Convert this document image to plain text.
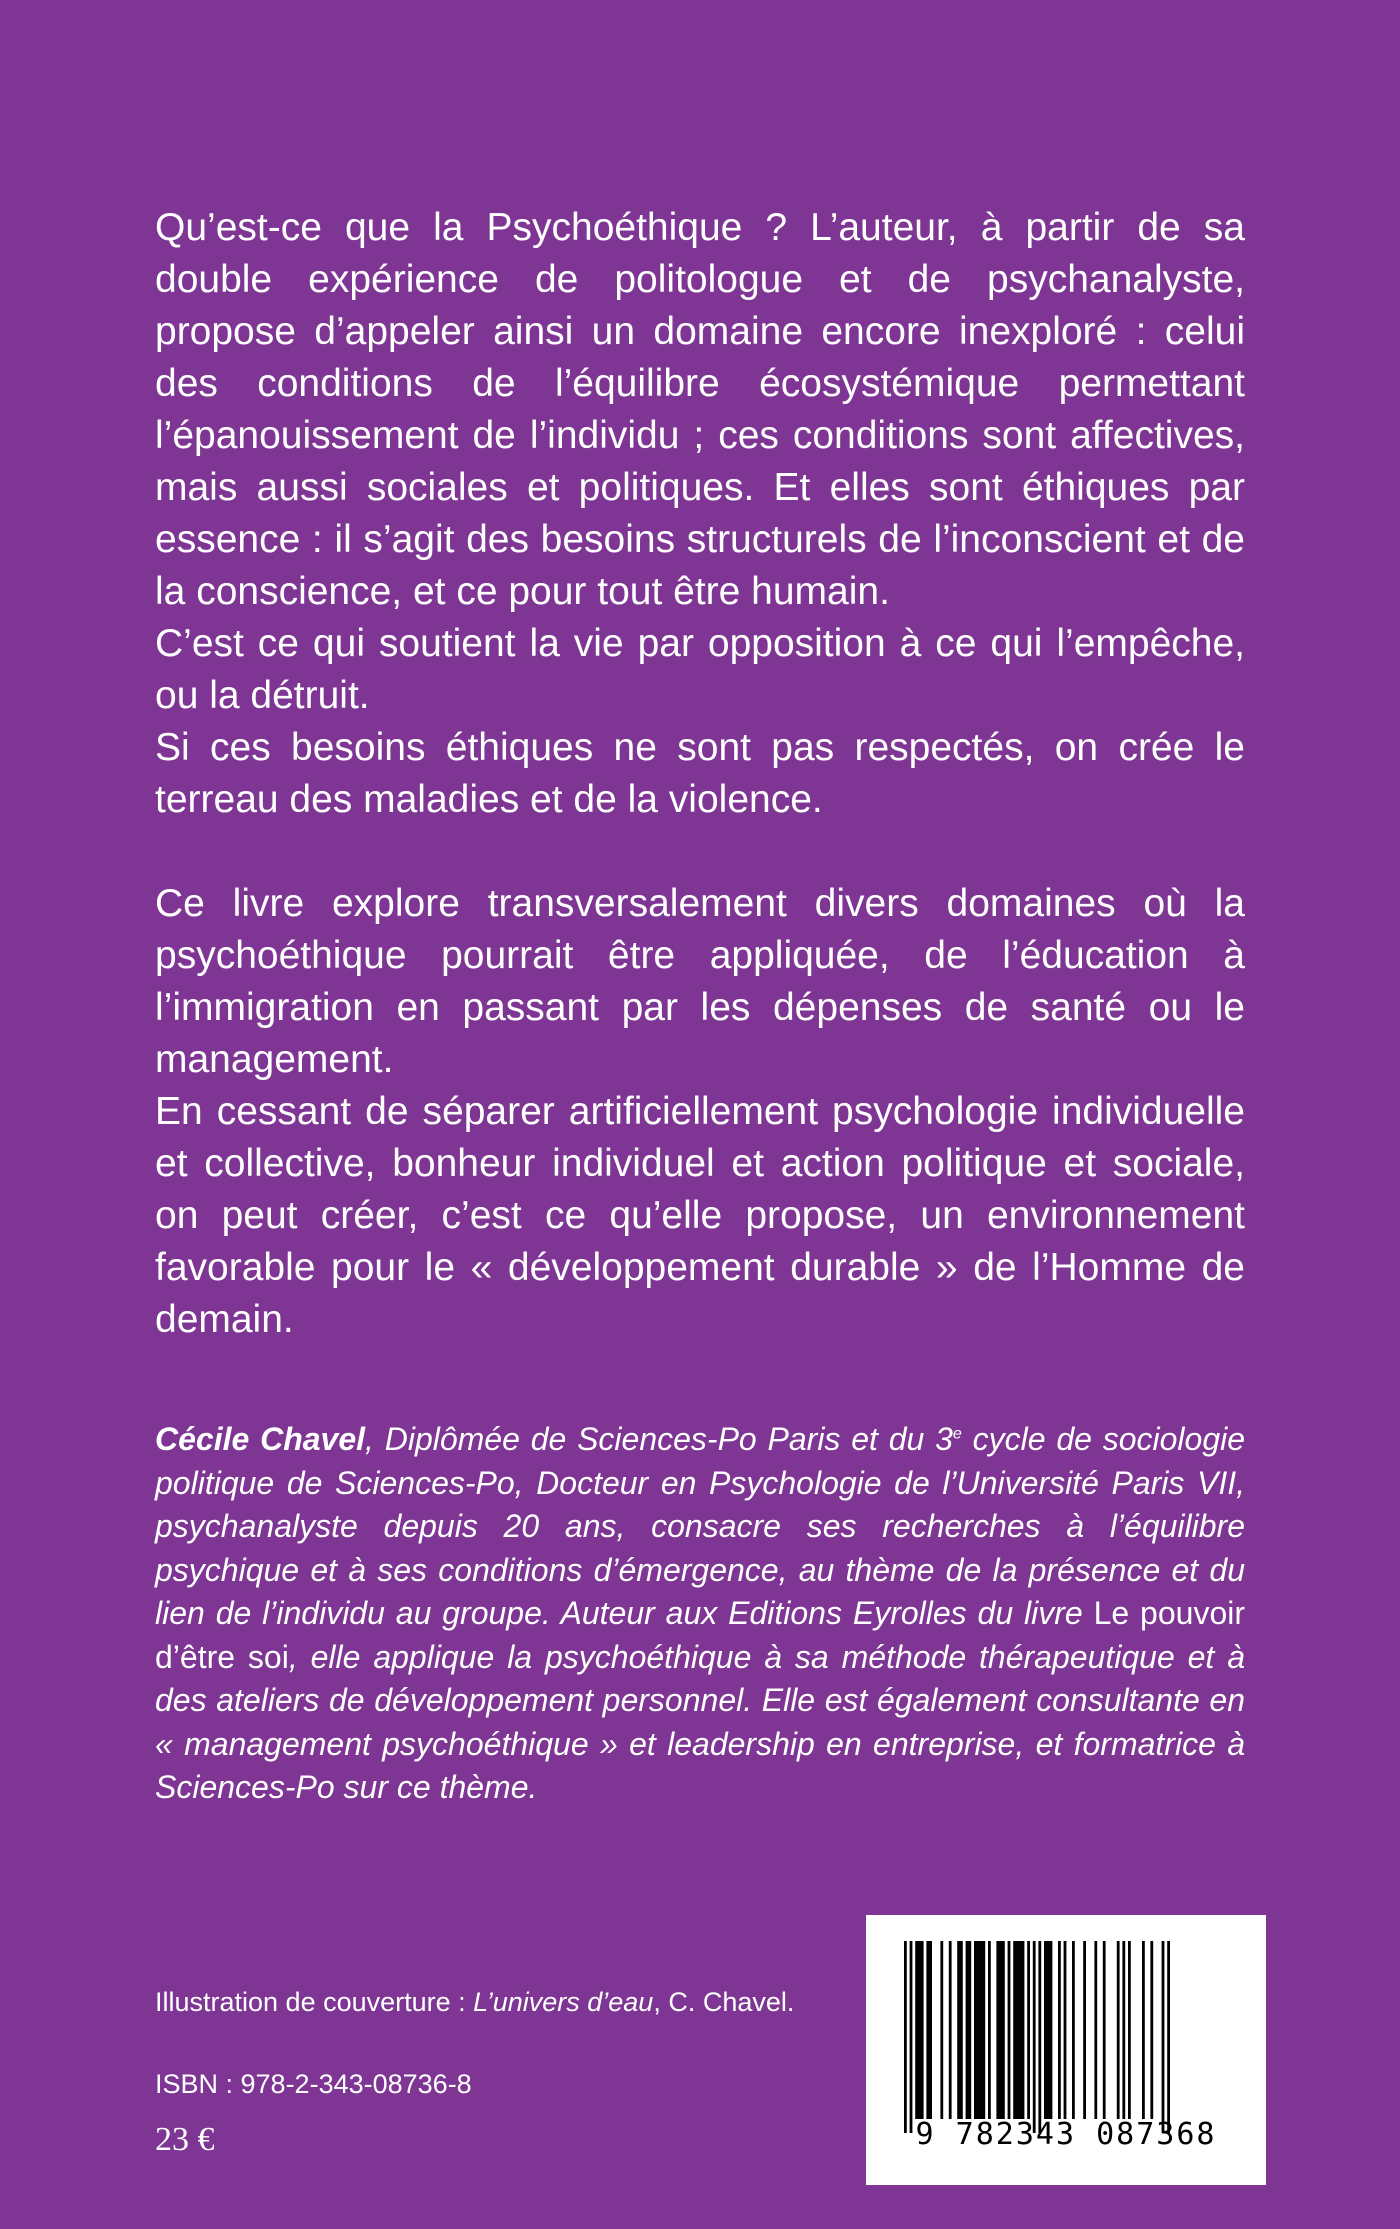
Qu’est-ce que la Psychoéthique ? L’auteur, à partir de sa double expérience de politologue et de psychanalyste, propose d’appeler ainsi un domaine encore inexploré : celui des conditions de l’équilibre écosystémique permettant l’épanouissement de l’individu ; ces conditions sont affectives, mais aussi sociales et politiques. Et elles sont éthiques par essence : il s’agit des besoins structurels de l’inconscient et de la conscience, et ce pour tout être humain.

C’est ce qui soutient la vie par opposition à ce qui l’empêche, ou la détruit.

Si ces besoins éthiques ne sont pas respectés, on crée le terreau des maladies et de la violence.

Ce livre explore transversalement divers domaines où la psychoéthique pourrait être appliquée, de l’éducation à l’immigration en passant par les dépenses de santé ou le management.

En cessant de séparer artificiellement psychologie individuelle et collective, bonheur individuel et action politique et sociale, on peut créer, c’est ce qu’elle propose, un environnement favorable pour le « développement durable » de l’Homme de demain.

Cécile Chavel, Diplômée de Sciences-Po Paris et du 3e cycle de sociologie politique de Sciences-Po, Docteur en Psychologie de l’Université Paris VII, psychanalyste depuis 20 ans, consacre ses recherches à l’équilibre psychique et à ses conditions d’émergence, au thème de la présence et du lien de l’individu au groupe. Auteur aux Editions Eyrolles du livre Le pouvoir d’être soi, elle applique la psychoéthique à sa méthode thérapeutique et à des ateliers de développement personnel. Elle est également consultante en « management psychoéthique » et leadership en entreprise, et formatrice à Sciences-Po sur ce thème.
Illustration de couverture : L’univers d’eau, C. Chavel.
ISBN : 978-2-343-08736-8
23 €	9 782343 087368
